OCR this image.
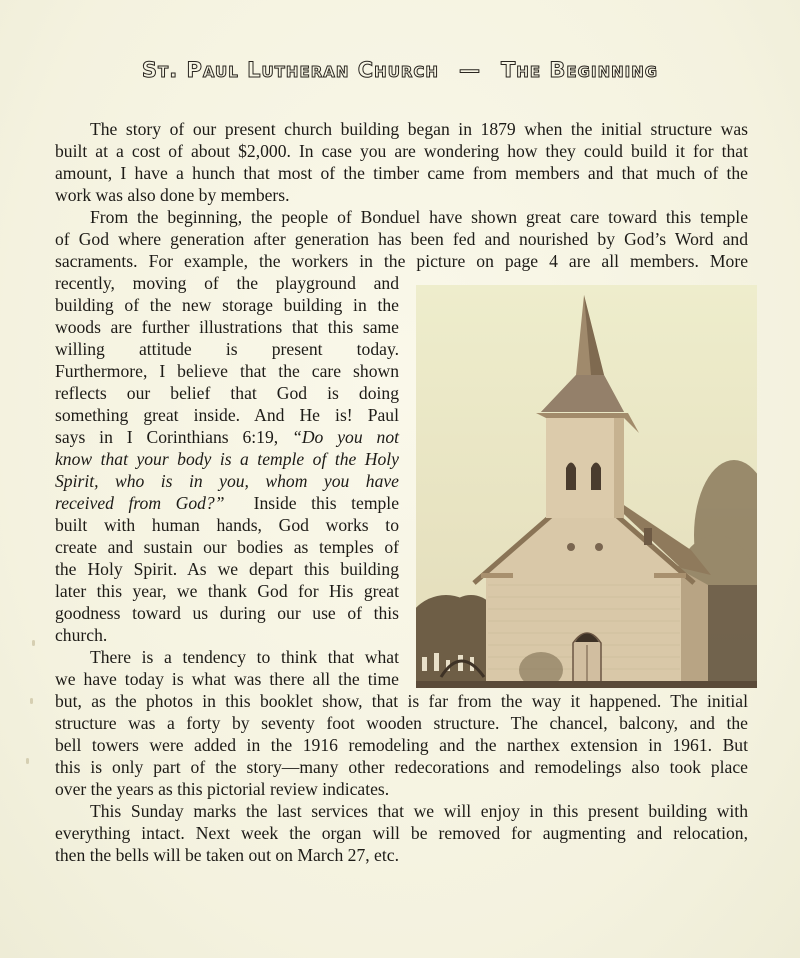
St. Paul Lutheran Church — The Beginning
The story of our present church building began in 1879 when the initial structure was
built at a cost of about $2,000. In case you are wondering how they could build it for that
amount, I have a hunch that most of the timber came from members and that much of the
work was also done by members.
From the beginning, the people of Bonduel have shown great care toward this temple
of God where generation after generation has been fed and nourished by God’s Word and
sacraments. For example, the workers in the picture on page 4 are all members. More
recently, moving of the playground and
building of the new storage building in the
woods are further illustrations that this same
willing attitude is present today.
Furthermore, I believe that the care shown
reflects our belief that God is doing
something great inside. And He is! Paul
says in I Corinthians 6:19, “Do you not
know that your body is a temple of the Holy
Spirit, who is in you, whom you have
received from God?”  Inside this temple
built with human hands, God works to
create and sustain our bodies as temples of
the Holy Spirit. As we depart this building
later this year, we thank God for His great
goodness toward us during our use of this
church.
There is a tendency to think that what
we have today is what was there all the time
but, as the photos in this booklet show, that is far from the way it happened. The initial
structure was a forty by seventy foot wooden structure. The chancel, balcony, and the
bell towers were added in the 1916 remodeling and the narthex extension in 1961. But
this is only part of the story—many other redecorations and remodelings also took place
over the years as this pictorial review indicates.
This Sunday marks the last services that we will enjoy in this present building with
everything intact. Next week the organ will be removed for augmenting and relocation,
then the bells will be taken out on March 27, etc.
